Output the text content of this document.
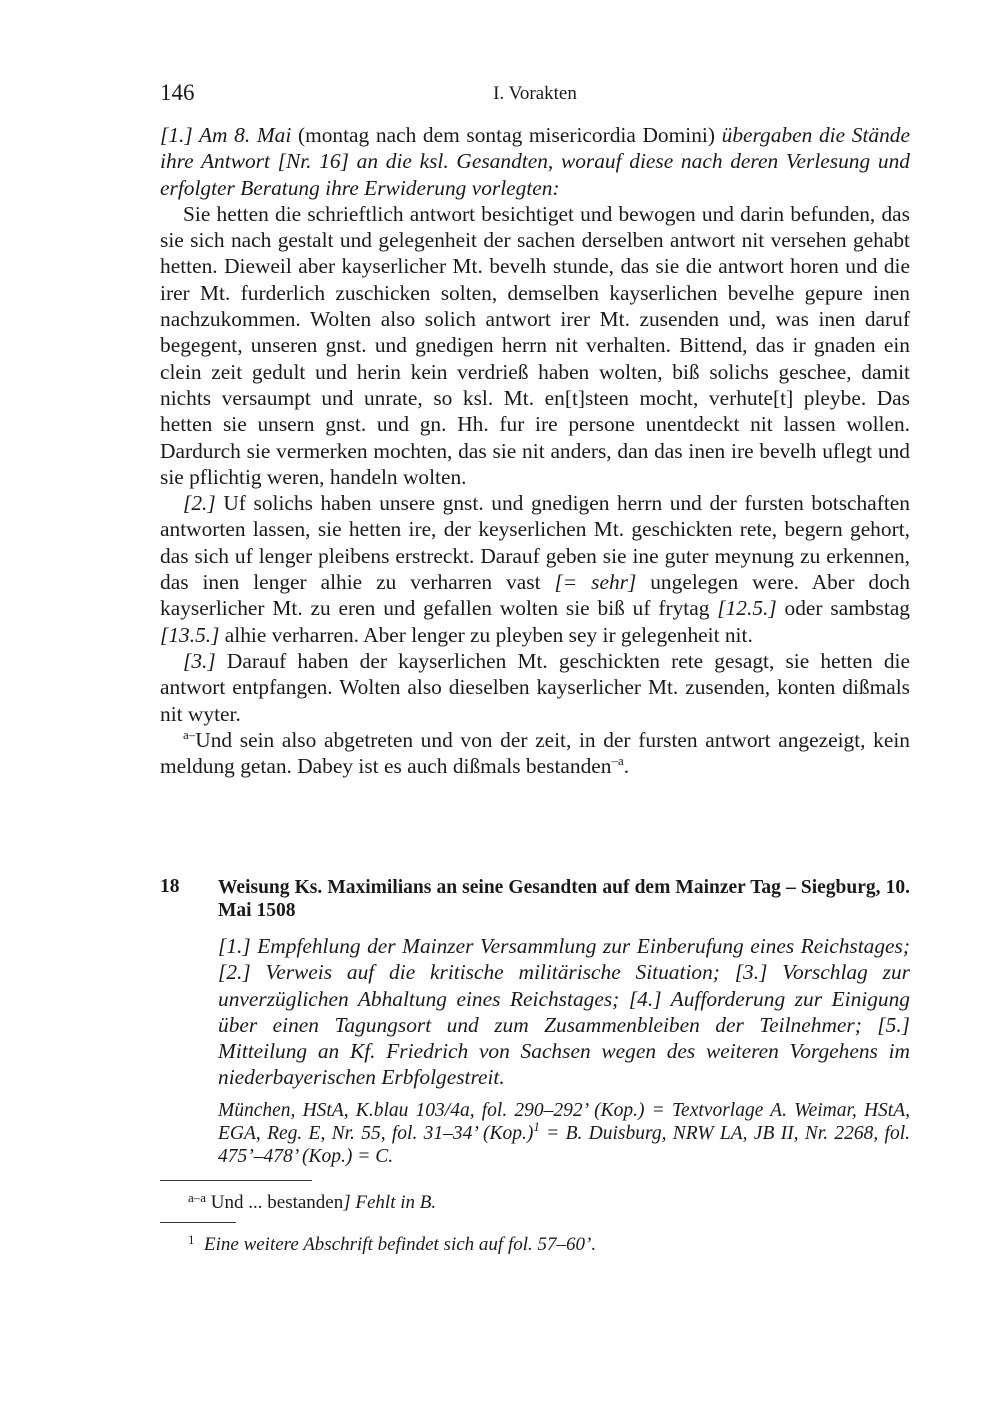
146	I. Vorakten

[1.] Am 8. Mai (montag nach dem sontag misericordia Domini) übergaben die Stände ihre Antwort [Nr. 16] an die ksl. Gesandten, worauf diese nach deren Verlesung und erfolgter Beratung ihre Erwiderung vorlegten:

Sie hetten die schrieftlich antwort besichtiget und bewogen und darin befunden, das sie sich nach gestalt und gelegenheit der sachen derselben antwort nit versehen gehabt hetten. Dieweil aber kayserlicher Mt. bevelh stunde, das sie die antwort horen und die irer Mt. furderlich zuschicken solten, demselben kayserlichen bevelhe gepure inen nachzukommen. Wolten also solich antwort irer Mt. zusenden und, was inen daruf begegent, unseren gnst. und gnedigen herrn nit verhalten. Bittend, das ir gnaden ein clein zeit gedult und herin kein verdrieß haben wolten, biß solichs geschee, damit nichts versaumpt und unrate, so ksl. Mt. en[t]steen mocht, verhute[t] pleybe. Das hetten sie unsern gnst. und gn. Hh. fur ire persone unentdeckt nit lassen wollen. Dardurch sie vermerken mochten, das sie nit anders, dan das inen ire bevelh uflegt und sie pflichtig weren, handeln wolten.

[2.] Uf solichs haben unsere gnst. und gnedigen herrn und der fursten botschaften antworten lassen, sie hetten ire, der keyserlichen Mt. geschickten rete, begern gehort, das sich uf lenger pleibens erstreckt. Darauf geben sie ine guter meynung zu erkennen, das inen lenger alhie zu verharren vast [= sehr] ungelegen were. Aber doch kayserlicher Mt. zu eren und gefallen wolten sie biß uf frytag [12.5.] oder sambstag [13.5.] alhie verharren. Aber lenger zu pleyben sey ir gelegenheit nit.

[3.] Darauf haben der kayserlichen Mt. geschickten rete gesagt, sie hetten die antwort entpfangen. Wolten also dieselben kayserlicher Mt. zusenden, konten dißmals nit wyter.

$^{a-}$Und sein also abgetreten und von der zeit, in der fursten antwort angezeigt, kein meldung getan. Dabey ist es auch dißmals bestanden$^{-a}$.

18 Weisung Ks. Maximilians an seine Gesandten auf dem Mainzer Tag – Siegburg, 10. Mai 1508
[1.] Empfehlung der Mainzer Versammlung zur Einberufung eines Reichstages; [2.] Verweis auf die kritische militärische Situation; [3.] Vorschlag zur unverzüglichen Abhaltung eines Reichstages; [4.] Aufforderung zur Einigung über einen Tagungsort und zum Zusammenbleiben der Teilnehmer; [5.] Mitteilung an Kf. Friedrich von Sachsen wegen des weiteren Vorgehens im niederbayerischen Erbfolgestreit.
München, HStA, K.blau 103/4a, fol. 290–292’ (Kop.) = Textvorlage A. Weimar, HStA, EGA, Reg. E, Nr. 55, fol. 31–34’ $(Kop.)^1 = B$. Duisburg, NRW LA, JB II, Nr. 2268, fol. 475’–478’ (Kop.) = C.
$^{a-a}$ Und ... bestanden] Fehlt in B.
$^1$ Eine weitere Abschrift befindet sich auf fol. 57–60’.
